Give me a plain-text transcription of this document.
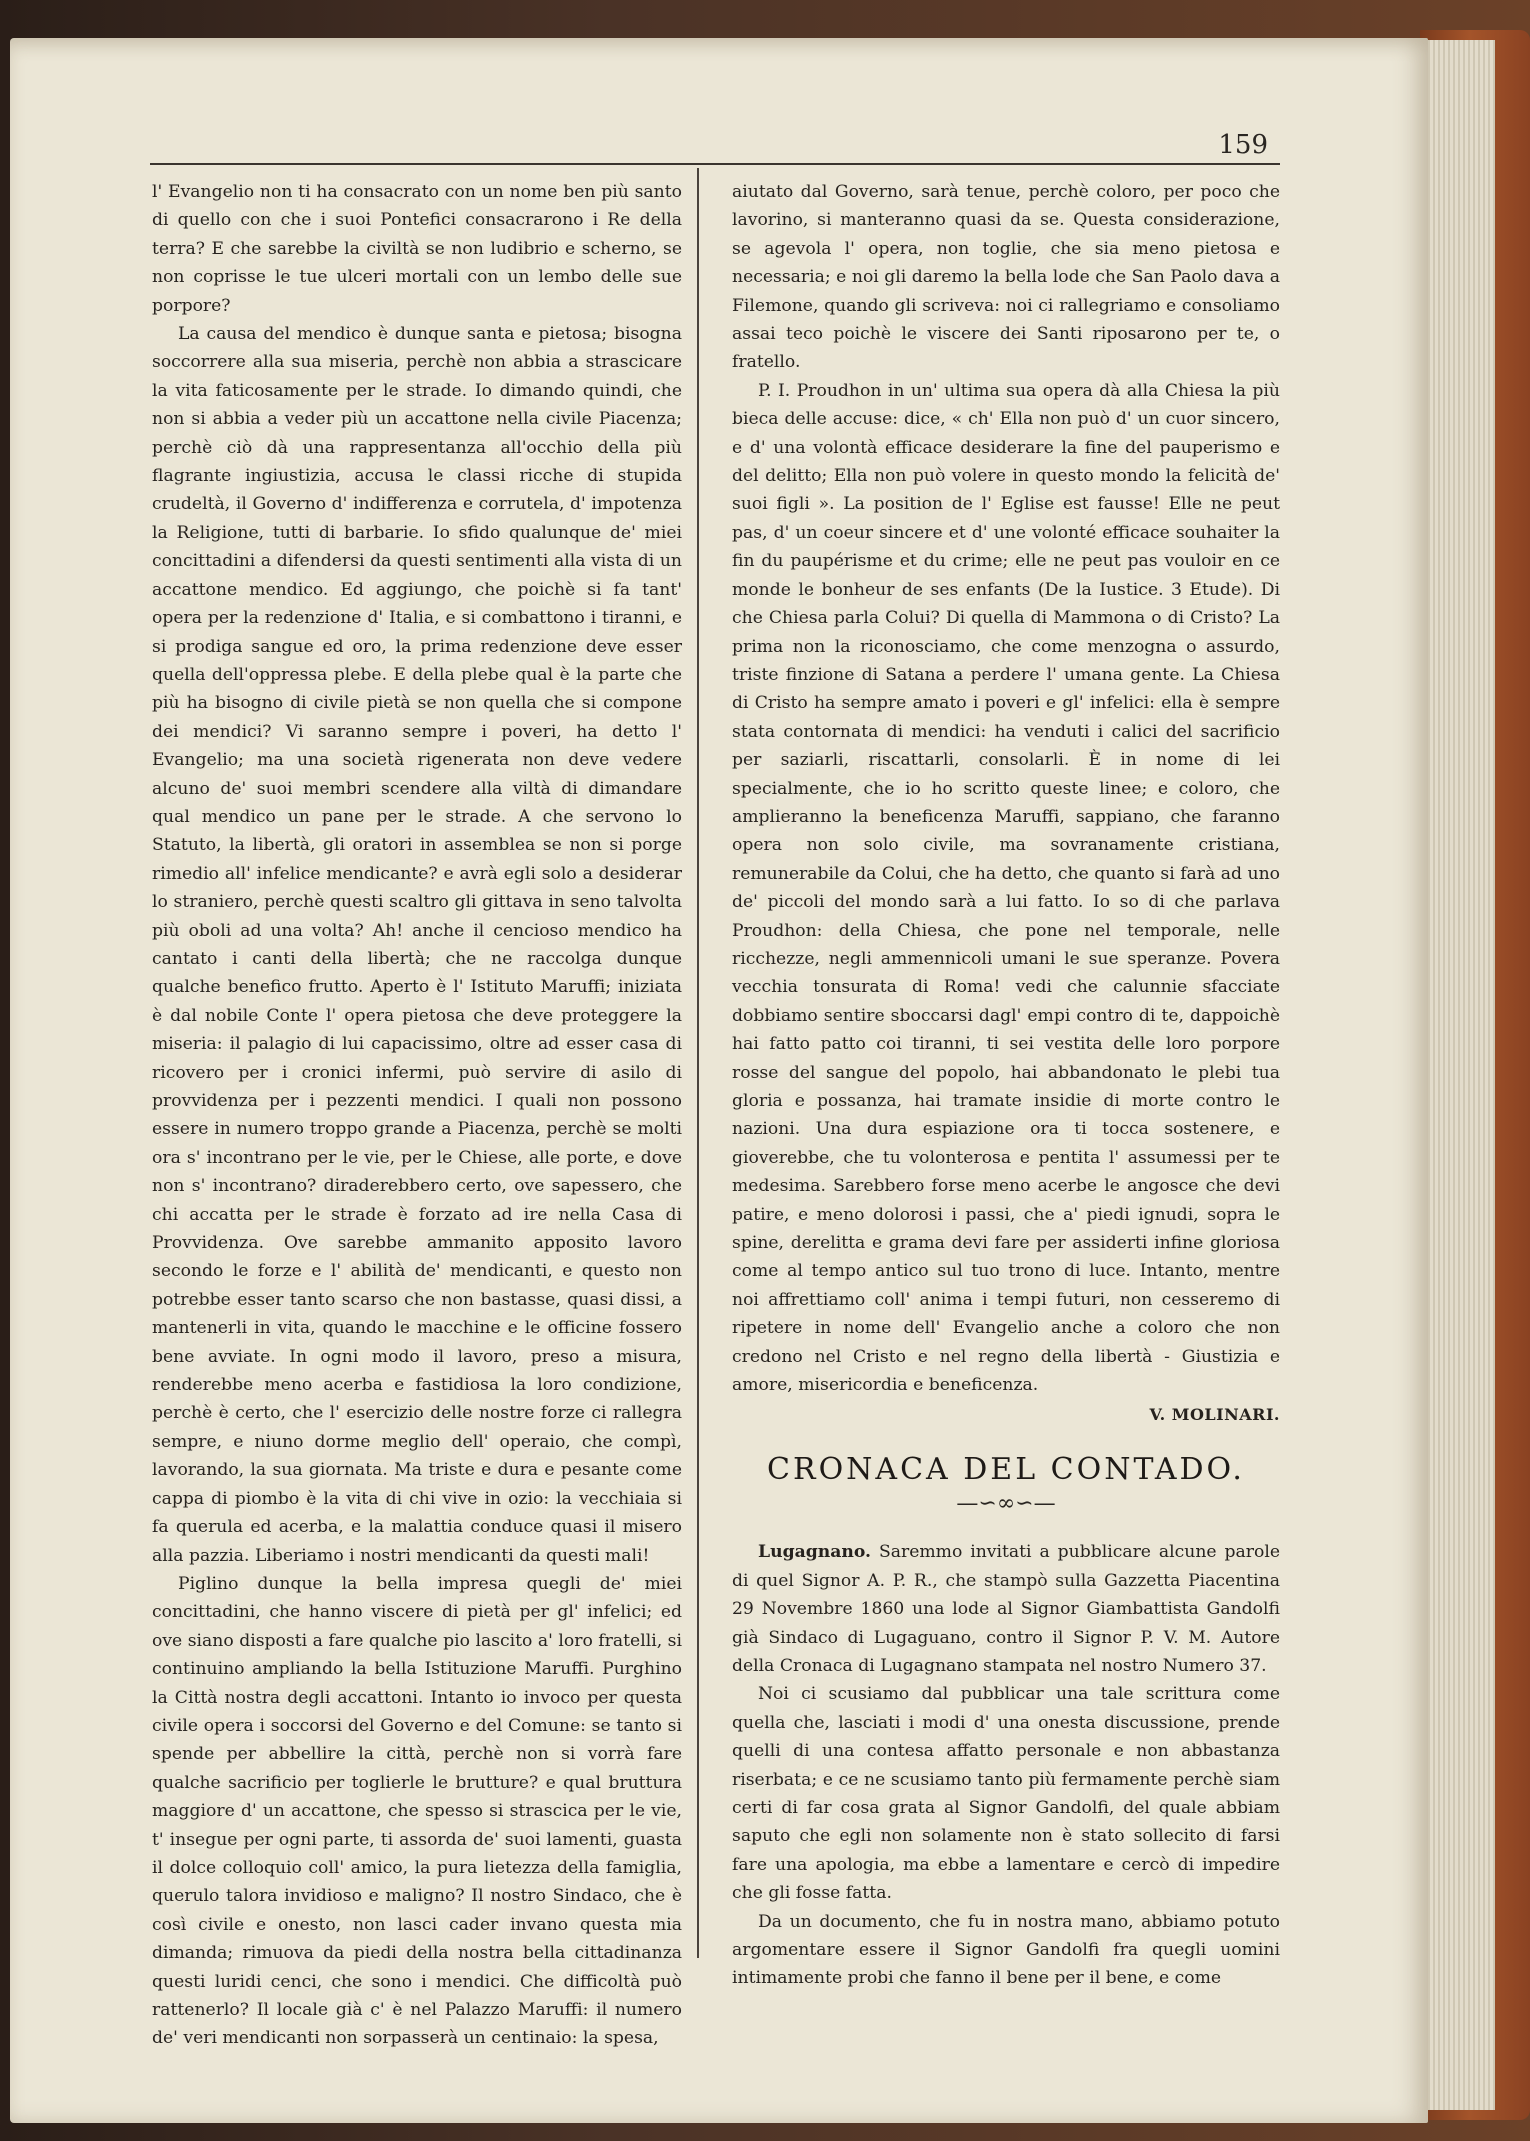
159

l' Evangelio non ti ha consacrato con un nome ben più santo di quello con che i suoi Pontefici consacrarono i Re della terra? E che sarebbe la civiltà se non ludibrio e scherno, se non coprisse le tue ulceri mortali con un lembo delle sue porpore?

La causa del mendico è dunque santa e pietosa; bisogna soccorrere alla sua miseria, perchè non abbia a strascicare la vita faticosamente per le strade. Io dimando quindi, che non si abbia a veder più un accattone nella civile Piacenza; perchè ciò dà una rappresentanza all'occhio della più flagrante ingiustizia, accusa le classi ricche di stupida crudeltà, il Governo d' indifferenza e corrutela, d' impotenza la Religione, tutti di barbarie. Io sfido qualunque de' miei concittadini a difendersi da questi sentimenti alla vista di un accattone mendico. Ed aggiungo, che poichè si fa tant' opera per la redenzione d' Italia, e si combattono i tiranni, e si prodiga sangue ed oro, la prima redenzione deve esser quella dell'oppressa plebe. E della plebe qual è la parte che più ha bisogno di civile pietà se non quella che si compone dei mendici? Vi saranno sempre i poveri, ha detto l' Evangelio; ma una società rigenerata non deve vedere alcuno de' suoi membri scendere alla viltà di dimandare qual mendico un pane per le strade. A che servono lo Statuto, la libertà, gli oratori in assemblea se non si porge rimedio all' infelice mendicante? e avrà egli solo a desiderar lo straniero, perchè questi scaltro gli gittava in seno talvolta più oboli ad una volta? Ah! anche il cencioso mendico ha cantato i canti della libertà; che ne raccolga dunque qualche benefico frutto. Aperto è l' Istituto Maruffi; iniziata è dal nobile Conte l' opera pietosa che deve proteggere la miseria: il palagio di lui capacissimo, oltre ad esser casa di ricovero per i cronici infermi, può servire di asilo di provvidenza per i pezzenti mendici. I quali non possono essere in numero troppo grande a Piacenza, perchè se molti ora s' incontrano per le vie, per le Chiese, alle porte, e dove non s' incontrano? diraderebbero certo, ove sapessero, che chi accatta per le strade è forzato ad ire nella Casa di Provvidenza. Ove sarebbe ammanito apposito lavoro secondo le forze e l' abilità de' mendicanti, e questo non potrebbe esser tanto scarso che non bastasse, quasi dissi, a mantenerli in vita, quando le macchine e le officine fossero bene avviate. In ogni modo il lavoro, preso a misura, renderebbe meno acerba e fastidiosa la loro condizione, perchè è certo, che l' esercizio delle nostre forze ci rallegra sempre, e niuno dorme meglio dell' operaio, che compì, lavorando, la sua giornata. Ma triste e dura e pesante come cappa di piombo è la vita di chi vive in ozio: la vecchiaia si fa querula ed acerba, e la malattia conduce quasi il misero alla pazzia. Liberiamo i nostri mendicanti da questi mali!

Piglino dunque la bella impresa quegli de' miei concittadini, che hanno viscere di pietà per gl' infelici; ed ove siano disposti a fare qualche pio lascito a' loro fratelli, si continuino ampliando la bella Istituzione Maruffi. Purghino la Città nostra degli accattoni. Intanto io invoco per questa civile opera i soccorsi del Governo e del Comune: se tanto si spende per abbellire la città, perchè non si vorrà fare qualche sacrificio per toglierle le brutture? e qual bruttura maggiore d' un accattone, che spesso si strascica per le vie, t' insegue per ogni parte, ti assorda de' suoi lamenti, guasta il dolce colloquio coll' amico, la pura lietezza della famiglia, querulo talora invidioso e maligno? Il nostro Sindaco, che è così civile e onesto, non lasci cader invano questa mia dimanda; rimuova da piedi della nostra bella cittadinanza questi luridi cenci, che sono i mendici. Che difficoltà può rattenerlo? Il locale già c' è nel Palazzo Maruffi: il numero de' veri mendicanti non sorpasserà un centinaio: la spesa,

aiutato dal Governo, sarà tenue, perchè coloro, per poco che lavorino, si manteranno quasi da se. Questa considerazione, se agevola l' opera, non toglie, che sia meno pietosa e necessaria; e noi gli daremo la bella lode che San Paolo dava a Filemone, quando gli scriveva: noi ci rallegriamo e consoliamo assai teco poichè le viscere dei Santi riposarono per te, o fratello.

P. I. Proudhon in un' ultima sua opera dà alla Chiesa la più bieca delle accuse: dice, « ch' Ella non può d' un cuor sincero, e d' una volontà efficace desiderare la fine del pauperismo e del delitto; Ella non può volere in questo mondo la felicità de' suoi figli ». La position de l' Eglise est fausse! Elle ne peut pas, d' un coeur sincere et d' une volonté efficace souhaiter la fin du paupérisme et du crime; elle ne peut pas vouloir en ce monde le bonheur de ses enfants (De la Iustice. 3 Etude). Di che Chiesa parla Colui? Di quella di Mammona o di Cristo? La prima non la riconosciamo, che come menzogna o assurdo, triste finzione di Satana a perdere l' umana gente. La Chiesa di Cristo ha sempre amato i poveri e gl' infelici: ella è sempre stata contornata di mendici: ha venduti i calici del sacrificio per saziarli, riscattarli, consolarli. È in nome di lei specialmente, che io ho scritto queste linee; e coloro, che amplieranno la beneficenza Maruffi, sappiano, che faranno opera non solo civile, ma sovranamente cristiana, remunerabile da Colui, che ha detto, che quanto si farà ad uno de' piccoli del mondo sarà a lui fatto. Io so di che parlava Proudhon: della Chiesa, che pone nel temporale, nelle ricchezze, negli ammennicoli umani le sue speranze. Povera vecchia tonsurata di Roma! vedi che calunnie sfacciate dobbiamo sentire sboccarsi dagl' empi contro di te, dappoichè hai fatto patto coi tiranni, ti sei vestita delle loro porpore rosse del sangue del popolo, hai abbandonato le plebi tua gloria e possanza, hai tramate insidie di morte contro le nazioni. Una dura espiazione ora ti tocca sostenere, e gioverebbe, che tu volonterosa e pentita l' assumessi per te medesima. Sarebbero forse meno acerbe le angosce che devi patire, e meno dolorosi i passi, che a' piedi ignudi, sopra le spine, derelitta e grama devi fare per assiderti infine gloriosa come al tempo antico sul tuo trono di luce. Intanto, mentre noi affrettiamo coll' anima i tempi futuri, non cesseremo di ripetere in nome dell' Evangelio anche a coloro che non credono nel Cristo e nel regno della libertà - Giustizia e amore, misericordia e beneficenza.

V. MOLINARI.
CRONACA DEL CONTADO.
—∽∞∽—

Lugagnano. Saremmo invitati a pubblicare alcune parole di quel Signor A. P. R., che stampò sulla Gazzetta Piacentina 29 Novembre 1860 una lode al Signor Giambattista Gandolfi già Sindaco di Lugaguano, contro il Signor P. V. M. Autore della Cronaca di Lugagnano stampata nel nostro Numero 37.

Noi ci scusiamo dal pubblicar una tale scrittura come quella che, lasciati i modi d' una onesta discussione, prende quelli di una contesa affatto personale e non abbastanza riserbata; e ce ne scusiamo tanto più fermamente perchè siam certi di far cosa grata al Signor Gandolfi, del quale abbiam saputo che egli non solamente non è stato sollecito di farsi fare una apologia, ma ebbe a lamentare e cercò di impedire che gli fosse fatta.

Da un documento, che fu in nostra mano, abbiamo potuto argomentare essere il Signor Gandolfi fra quegli uomini intimamente probi che fanno il bene per il bene, e come
